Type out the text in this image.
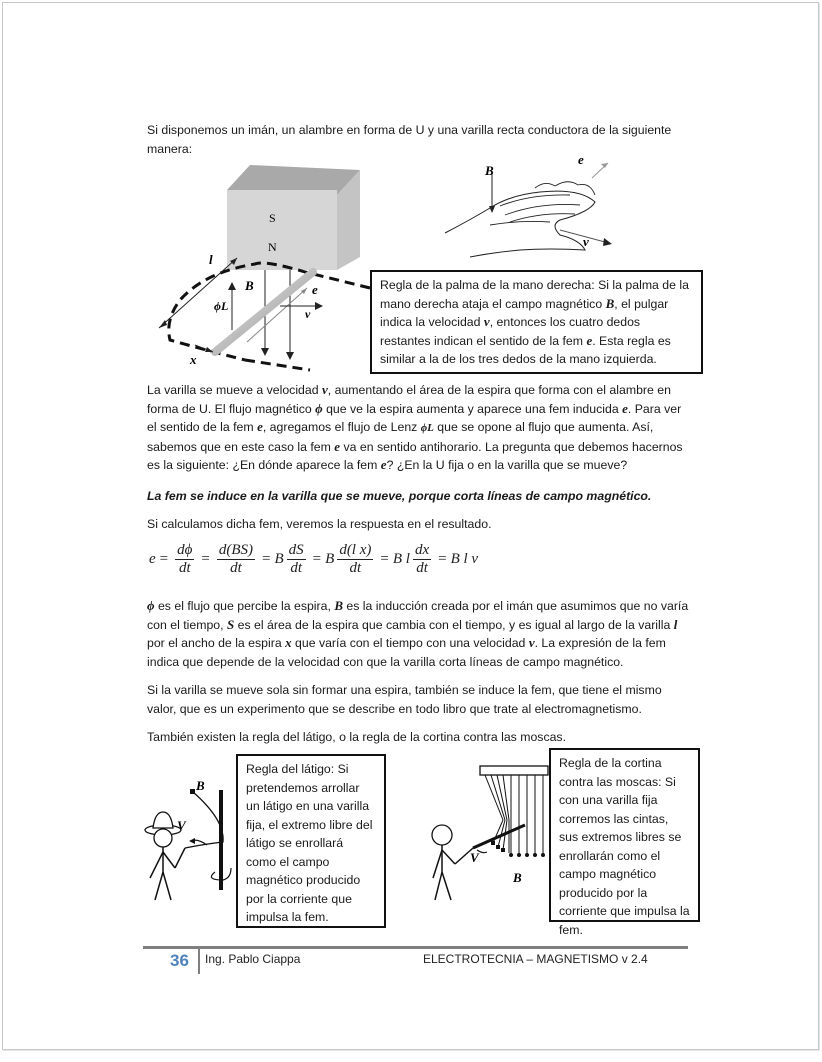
Si disponemos un imán, un alambre en forma de U y una varilla recta conductora de la siguiente manera:

S
N
l
B	e
ϕL
v
x
B
e
v
Regla de la palma de la mano derecha: Si la palma de la mano derecha ataja el campo magnético B, el pulgar indica la velocidad v, entonces los cuatro dedos restantes indican el sentido de la fem e. Esta regla es similar a la de los tres dedos de la mano izquierda.

La varilla se mueve a velocidad v, aumentando el área de la espira que forma con el alambre en forma de U. El flujo magnético ϕ que ve la espira aumenta y aparece una fem inducida e. Para ver el sentido de la fem e, agregamos el flujo de Lenz ϕL que se opone al flujo que aumenta. Así, sabemos que en este caso la fem e va en sentido antihorario. La pregunta que debemos hacernos es la siguiente: ¿En dónde aparece la fem e? ¿En la U fija o en la varilla que se mueve?

La fem se induce en la varilla que se mueve, porque corta líneas de campo magnético.

Si calculamos dicha fem, veremos la respuesta en el resultado.

$e = \frac{d\phi}{dt} = \frac{d(BS)}{dt} = B \frac{dS}{dt} = B \frac{\text{d(l x)}}{dt} = B$ l $\frac{dx}{dt} = B$ l v

ϕ es el flujo que percibe la espira, B es la inducción creada por el imán que asumimos que no varía con el tiempo, S es el área de la espira que cambia con el tiempo, y es igual al largo de la varilla l por el ancho de la espira x que varía con el tiempo con una velocidad v. La expresión de la fem indica que depende de la velocidad con que la varilla corta líneas de campo magnético.

Si la varilla se mueve sola sin formar una espira, también se induce la fem, que tiene el mismo valor, que es un experimento que se describe en todo libro que trate al electromagnetismo.

También existen la regla del látigo, o la regla de la cortina contra las moscas.

B
V
Regla del látigo: Si pretendemos arrollar un látigo en una varilla fija, el extremo libre del látigo se enrollará como el campo magnético producido por la corriente que impulsa la fem.
V
B
Regla de la cortina contra las moscas: Si con una varilla fija corremos las cintas, sus extremos libres se enrollarán como el campo magnético producido por la corriente que impulsa la fem.
36 Ing. Pablo Ciappa	ELECTROTECNIA – MAGNETISMO v 2.4
